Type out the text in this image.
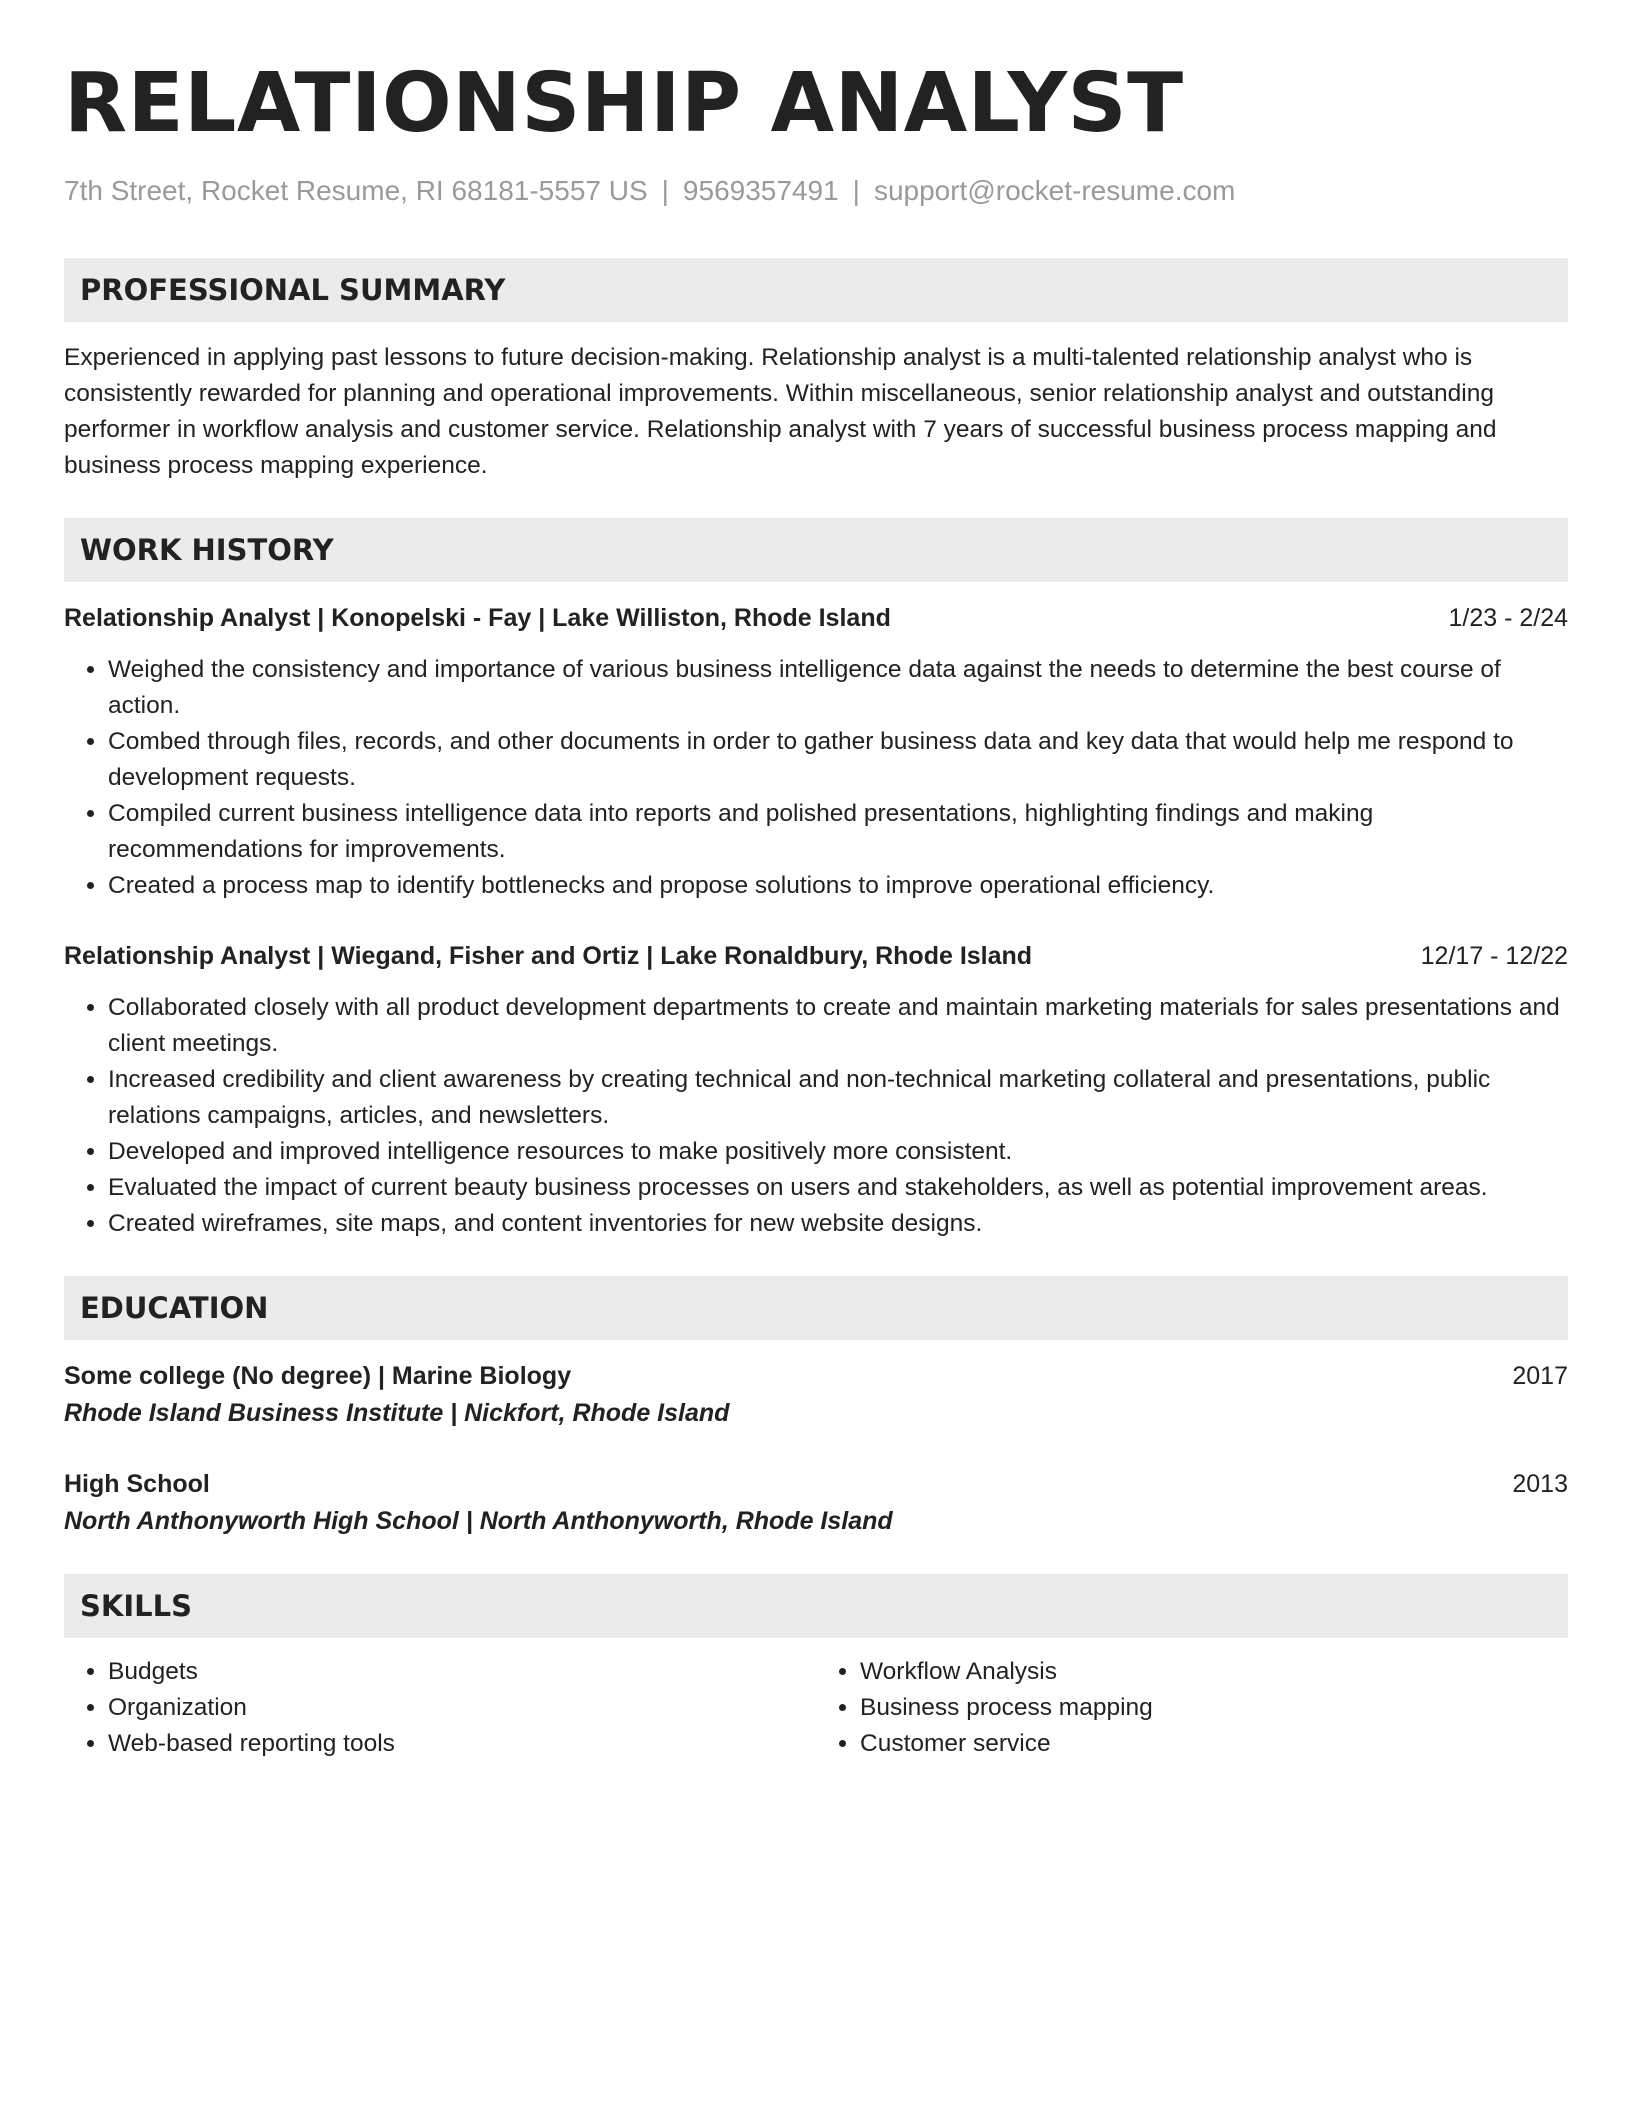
RELATIONSHIP ANALYST
7th Street, Rocket Resume, RI 68181-5557 US | 9569357491 | support@rocket-resume.com
PROFESSIONAL SUMMARY
Experienced in applying past lessons to future decision-making. Relationship analyst is a multi-talented relationship analyst who is consistently rewarded for planning and operational improvements. Within miscellaneous, senior relationship analyst and outstanding performer in workflow analysis and customer service. Relationship analyst with 7 years of successful business process mapping and business process mapping experience.
WORK HISTORY
Relationship Analyst | Konopelski - Fay | Lake Williston, Rhode Island	1/23 - 2/24
• Weighed the consistency and importance of various business intelligence data against the needs to determine the best course of action.
• Combed through files, records, and other documents in order to gather business data and key data that would help me respond to development requests.
• Compiled current business intelligence data into reports and polished presentations, highlighting findings and making recommendations for improvements.
• Created a process map to identify bottlenecks and propose solutions to improve operational efficiency.
Relationship Analyst | Wiegand, Fisher and Ortiz | Lake Ronaldbury, Rhode Island	12/17 - 12/22
• Collaborated closely with all product development departments to create and maintain marketing materials for sales presentations and client meetings.
• Increased credibility and client awareness by creating technical and non-technical marketing collateral and presentations, public relations campaigns, articles, and newsletters.
• Developed and improved intelligence resources to make positively more consistent.
• Evaluated the impact of current beauty business processes on users and stakeholders, as well as potential improvement areas.
• Created wireframes, site maps, and content inventories for new website designs.
EDUCATION
Some college (No degree) | Marine Biology	2017
Rhode Island Business Institute | Nickfort, Rhode Island
High School	2013
North Anthonyworth High School | North Anthonyworth, Rhode Island
SKILLS
• Budgets
• Organization
• Web-based reporting tools
• Workflow Analysis
• Business process mapping
• Customer service
